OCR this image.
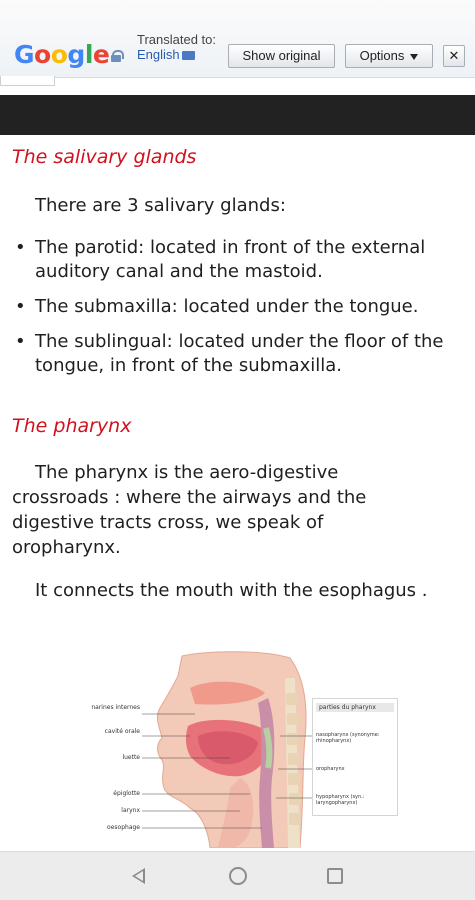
Google
Translated to:
English	Show original	Options	✕
The salivary glands
There are 3 salivary glands:
• The parotid: located in front of the external auditory canal and the mastoid.
• The submaxilla: located under the tongue.
• The sublingual: located under the floor of the tongue, in front of the submaxilla.
The pharynx
The pharynx is the aero-digestive crossroads : where the airways and the digestive tracts cross, we speak of oropharynx.
It connects the mouth with the esophagus .
narines internes
cavité orale
luette
épiglotte
larynx
oesophage
parties du pharynx
nasopharynx (synonyme: rhinopharynx)
oropharynx
hypopharynx (syn.: laryngopharynx)
